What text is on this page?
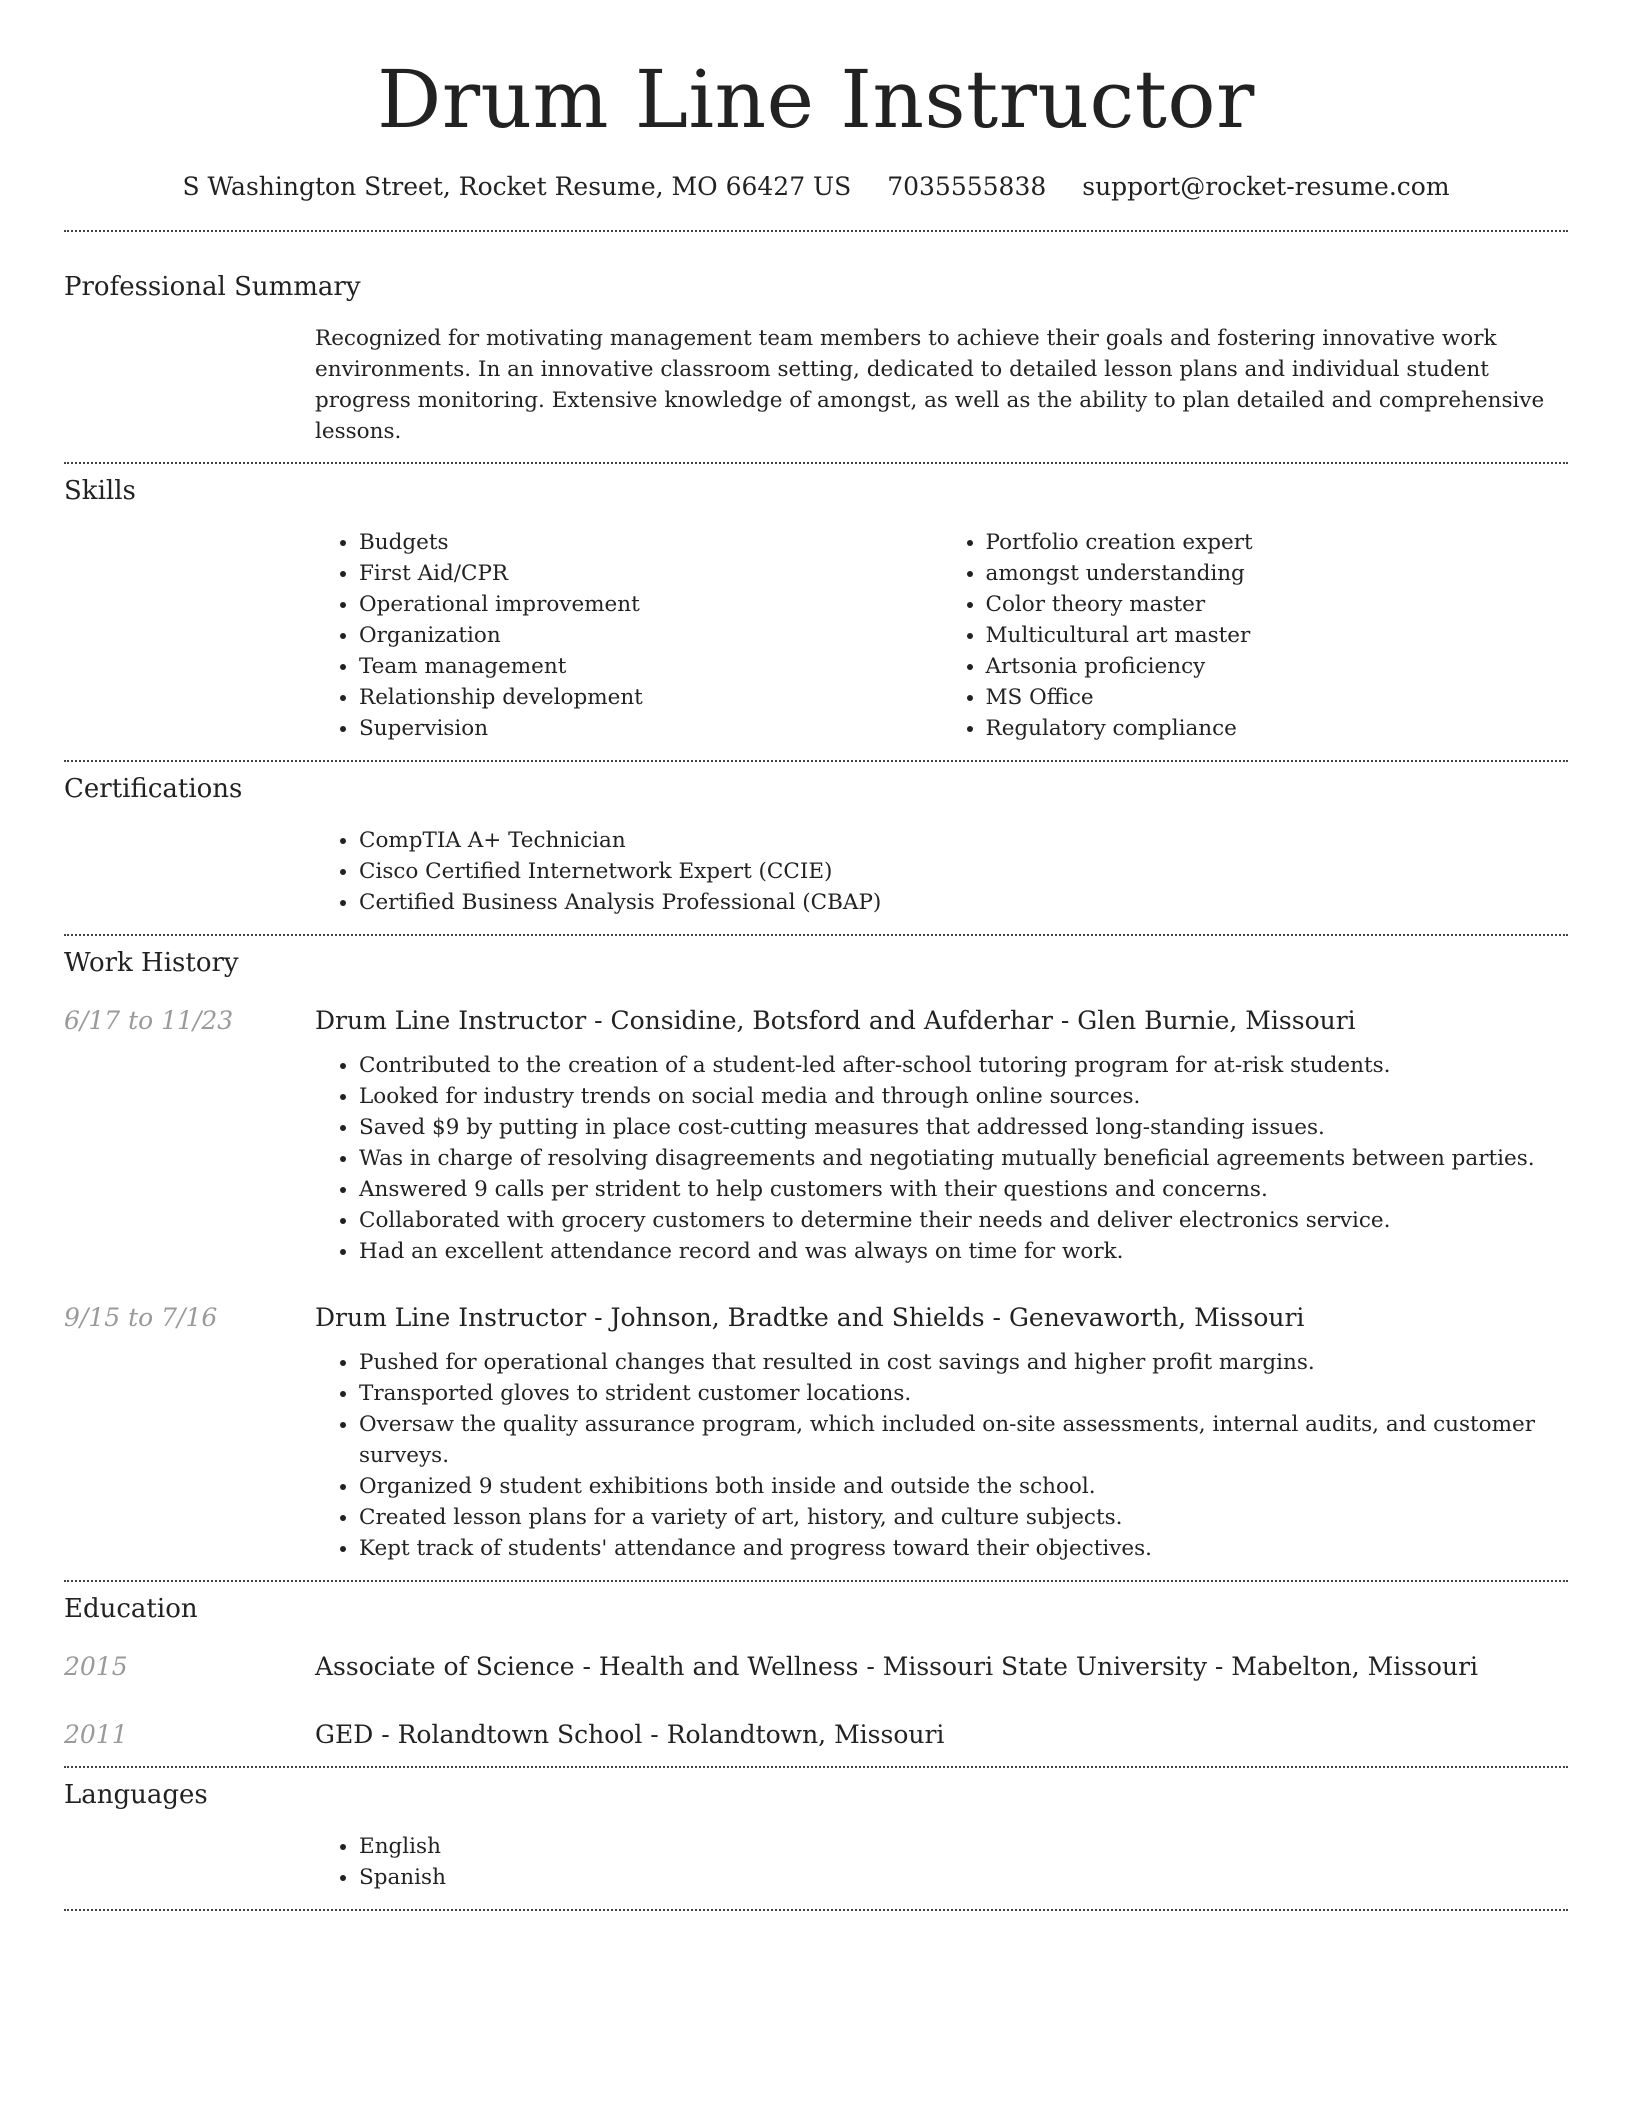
Drum Line Instructor
S Washington Street, Rocket Resume, MO 66427 US 7035555838 support@rocket-resume.com
Professional Summary

Recognized for motivating management team members to achieve their goals and fostering innovative work environments. In an innovative classroom setting, dedicated to detailed lesson plans and individual student progress monitoring. Extensive knowledge of amongst, as well as the ability to plan detailed and comprehensive lessons.

Skills
• Budgets
• First Aid/CPR
• Operational improvement
• Organization
• Team management
• Relationship development
• Supervision
• Portfolio creation expert
• amongst understanding
• Color theory master
• Multicultural art master
• Artsonia proficiency
• MS Office
• Regulatory compliance
Certifications
• CompTIA A+ Technician
• Cisco Certified Internetwork Expert (CCIE)
• Certified Business Analysis Professional (CBAP)
Work History
6/17 to 11/23	Drum Line Instructor - Considine, Botsford and Aufderhar - Glen Burnie, Missouri
• Contributed to the creation of a student-led after-school tutoring program for at-risk students.
• Looked for industry trends on social media and through online sources.
• Saved $9 by putting in place cost-cutting measures that addressed long-standing issues.
• Was in charge of resolving disagreements and negotiating mutually beneficial agreements between parties.
• Answered 9 calls per strident to help customers with their questions and concerns.
• Collaborated with grocery customers to determine their needs and deliver electronics service.
• Had an excellent attendance record and was always on time for work.
9/15 to 7/16	Drum Line Instructor - Johnson, Bradtke and Shields - Genevaworth, Missouri
• Pushed for operational changes that resulted in cost savings and higher profit margins.
• Transported gloves to strident customer locations.
• Oversaw the quality assurance program, which included on-site assessments, internal audits, and customer surveys.
• Organized 9 student exhibitions both inside and outside the school.
• Created lesson plans for a variety of art, history, and culture subjects.
• Kept track of students' attendance and progress toward their objectives.
Education
2015	Associate of Science - Health and Wellness - Missouri State University - Mabelton, Missouri
2011	GED - Rolandtown School - Rolandtown, Missouri
Languages
• English
• Spanish
